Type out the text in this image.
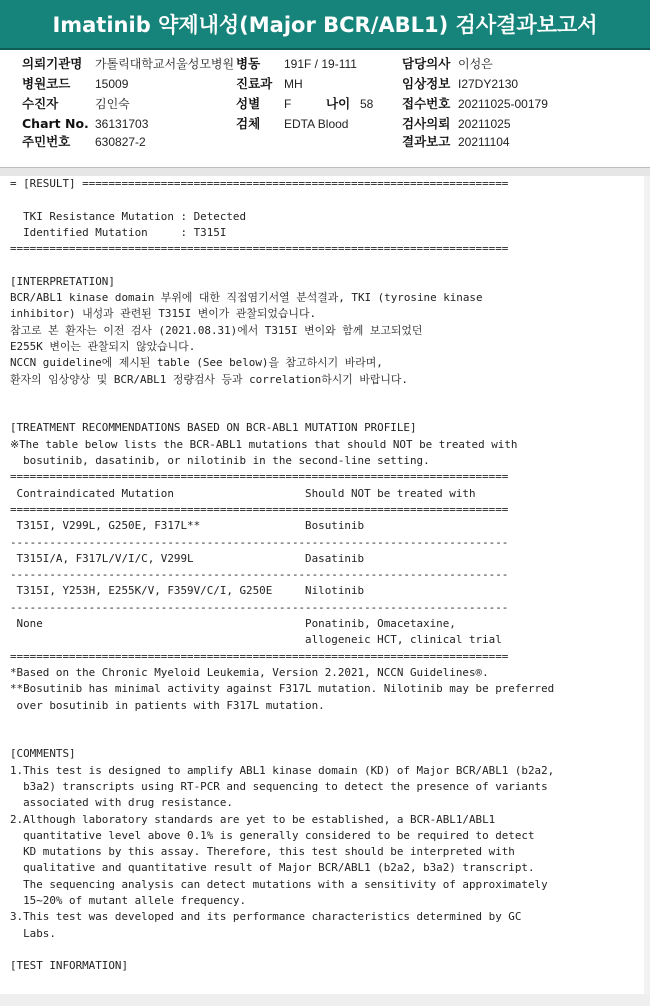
Imatinib 약제내성(Major BCR/ABL1) 검사결과보고서
의뢰기관명 가톨릭대학교서울성모병원 병동 191F / 19-111	담당의사 이성은
병원코드 15009	진료과 MH	임상정보 I27DY2130
수진자	김인숙	성별 F	나이 58 접수번호 20211025-00179
Chart No. 36131703	검체 EDTA Blood	검사의뢰 20211025
주민번호 630827-2	결과보고 20211104
= [RESULT] =================================================================

TKI Resistance Mutation : Detected
Identified Mutation     : T315I
============================================================================

[INTERPRETATION]
BCR/ABL1 kinase domain 부위에 대한 직접염기서열 분석결과, TKI (tyrosine kinase
inhibitor) 내성과 관련된 T315I 변이가 관찰되었습니다.
참고로 본 환자는 이전 검사 (2021.08.31)에서 T315I 변이와 함께 보고되었던
E255K 변이는 관찰되지 않았습니다.
NCCN guideline에 제시된 table (See below)을 참고하시기 바라며,
환자의 임상양상 및 BCR/ABL1 정량검사 등과 correlation하시기 바랍니다.

[TREATMENT RECOMMENDATIONS BASED ON BCR-ABL1 MUTATION PROFILE]
※The table below lists the BCR-ABL1 mutations that should NOT be treated with
bosutinib, dasatinib, or nilotinib in the second-line setting.
============================================================================
Contraindicated Mutation                    Should NOT be treated with
============================================================================
T315I, V299L, G250E, F317L**                Bosutinib
----------------------------------------------------------------------------
T315I/A, F317L/V/I/C, V299L                 Dasatinib
----------------------------------------------------------------------------
T315I, Y253H, E255K/V, F359V/C/I, G250E     Nilotinib
----------------------------------------------------------------------------
None                                        Ponatinib, Omacetaxine,
allogeneic HCT, clinical trial
============================================================================
*Based on the Chronic Myeloid Leukemia, Version 2.2021, NCCN Guidelines®.
**Bosutinib has minimal activity against F317L mutation. Nilotinib may be preferred
over bosutinib in patients with F317L mutation.

[COMMENTS]
1.This test is designed to amplify ABL1 kinase domain (KD) of Major BCR/ABL1 (b2a2,
b3a2) transcripts using RT-PCR and sequencing to detect the presence of variants
associated with drug resistance.
2.Although laboratory standards are yet to be established, a BCR-ABL1/ABL1
quantitative level above 0.1% is generally considered to be required to detect
KD mutations by this assay. Therefore, this test should be interpreted with
qualitative and quantitative result of Major BCR/ABL1 (b2a2, b3a2) transcript.
The sequencing analysis can detect mutations with a sensitivity of approximately
15~20% of mutant allele frequency.
3.This test was developed and its performance characteristics determined by GC
Labs.

[TEST INFORMATION]
